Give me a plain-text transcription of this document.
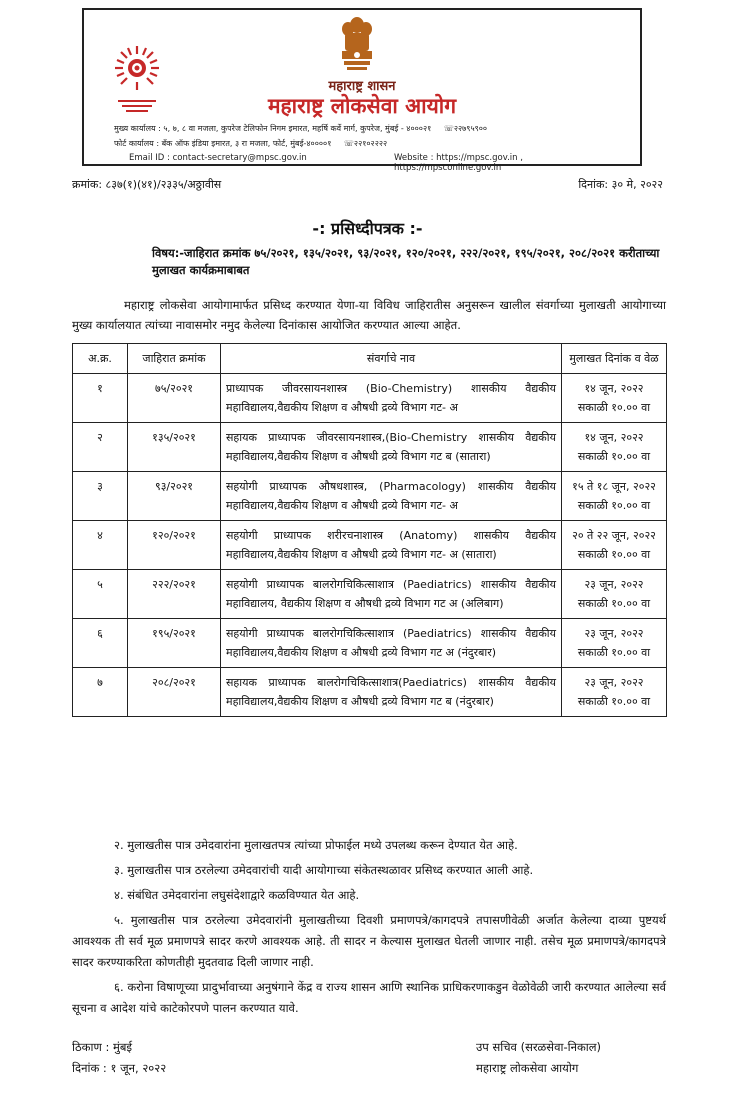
महाराष्ट्र शासन
महाराष्ट्र लोकसेवा आयोग
मुख्य कार्यालय : ५, ७, ८ वा मजला, कुपरेज टेलिफोन निगम इमारत, महर्षि कर्वे मार्ग, कुपरेज, मुंबई - ४०००२१ ☏२२७९५९००
फोर्ट कार्यालय : बँक ऑफ इंडिया इमारत, ३ रा मजला, फोर्ट, मुंबई-४००००१ ☏२२१०२२२२
Email ID : contact-secretary@mpsc.gov.in	Website : https://mpsc.gov.in , https://mpsconline.gov.in
क्रमांक: ८३७(१)(४१)/२३३५/अठ्ठावीस	दिनांक: ३० मे, २०२२
-: प्रसिध्दीपत्रक :-
विषय:-जाहिरात क्रमांक ७५/२०२१, १३५/२०२१, ९३/२०२१, १२०/२०२१, २२२/२०२१, १९५/२०२१, २०८/२०२१ करीताच्या मुलाखत कार्यक्रमाबाबत
महाराष्ट्र लोकसेवा आयोगामार्फत प्रसिध्द करण्यात येणा-या विविध जाहिरातीस अनुसरून खालील संवर्गाच्या मुलाखती आयोगाच्या मुख्य कार्यालयात त्यांच्या नावासमोर नमुद केलेल्या दिनांकास आयोजित करण्यात आल्या आहेत.
अ.क्र.	जाहिरात क्रमांक	संवर्गाचे नाव	मुलाखत दिनांक व वेळ
१	७५/२०२१	प्राध्यापक जीवरसायनशास्त्र (Bio-Chemistry) शासकीय वैद्यकीय महाविद्यालय,वैद्यकीय शिक्षण व औषधी द्रव्ये विभाग गट- अ	१४ जून, २०२२
सकाळी १०.०० वा

२	१३५/२०२१	सहायक प्राध्यापक जीवरसायनशास्त्र,(Bio-Chemistry शासकीय वैद्यकीय महाविद्यालय,वैद्यकीय शिक्षण व औषधी द्रव्ये विभाग गट ब (सातारा)	१४ जून, २०२२
सकाळी १०.०० वा

३	९३/२०२१	सहयोगी प्राध्यापक औषधशास्त्र, (Pharmacology) शासकीय वैद्यकीय महाविद्यालय,वैद्यकीय शिक्षण व औषधी द्रव्ये विभाग गट- अ	१५ ते १८ जून, २०२२
सकाळी १०.०० वा

४	१२०/२०२१	सहयोगी प्राध्यापक शरीरचनाशास्त्र (Anatomy) शासकीय वैद्यकीय महाविद्यालय,वैद्यकीय शिक्षण व औषधी द्रव्ये विभाग गट- अ (सातारा)	२० ते २२ जून, २०२२
सकाळी १०.०० वा

५	२२२/२०२१	सहयोगी प्राध्यापक बालरोगचिकित्साशात्र (Paediatrics) शासकीय वैद्यकीय महाविद्यालय, वैद्यकीय शिक्षण व औषधी द्रव्ये विभाग गट अ (अलिबाग)	२३ जून, २०२२
सकाळी १०.०० वा

६	१९५/२०२१	सहयोगी प्राध्यापक बालरोगचिकित्साशात्र (Paediatrics) शासकीय वैद्यकीय महाविद्यालय,वैद्यकीय शिक्षण व औषधी द्रव्ये विभाग गट अ (नंदुरबार)	२३ जून, २०२२
सकाळी १०.०० वा

७	२०८/२०२१	सहायक प्राध्यापक बालरोगचिकित्साशात्र(Paediatrics) शासकीय वैद्यकीय महाविद्यालय,वैद्यकीय शिक्षण व औषधी द्रव्ये विभाग गट ब (नंदुरबार)	२३ जून, २०२२
सकाळी १०.०० वा

२. मुलाखतीस पात्र उमेदवारांना मुलाखतपत्र त्यांच्या प्रोफाईल मध्ये उपलब्ध करून देण्यात येत आहे.

३. मुलाखतीस पात्र ठरलेल्या उमेदवारांची यादी आयोगाच्या संकेतस्थळावर प्रसिध्द करण्यात आली आहे.

४. संबंधित उमेदवारांना लघुसंदेशाद्वारे कळविण्यात येत आहे.

५. मुलाखतीस पात्र ठरलेल्या उमेदवारांनी मुलाखतीच्या दिवशी प्रमाणपत्रे/कागदपत्रे तपासणीवेळी अर्जात केलेल्या दाव्या पुष्टयर्थ आवश्यक ती सर्व मूळ प्रमाणपत्रे सादर करणे आवश्यक आहे. ती सादर न केल्यास मुलाखत घेतली जाणार नाही. तसेच मूळ प्रमाणपत्रे/कागदपत्रे सादर करण्याकरिता कोणतीही मुदतवाढ दिली जाणार नाही.

६. करोना विषाणूच्या प्रादुर्भावाच्या अनुषंगाने केंद्र व राज्य शासन आणि स्थानिक प्राधिकरणाकडुन वेळोवेळी जारी करण्यात आलेल्या सर्व सूचना व आदेश यांचे काटेकोरपणे पालन करण्यात यावे.

ठिकाण : मुंबई
दिनांक : १ जून, २०२२
उप सचिव (सरळसेवा-निकाल)
महाराष्ट्र लोकसेवा आयोग
